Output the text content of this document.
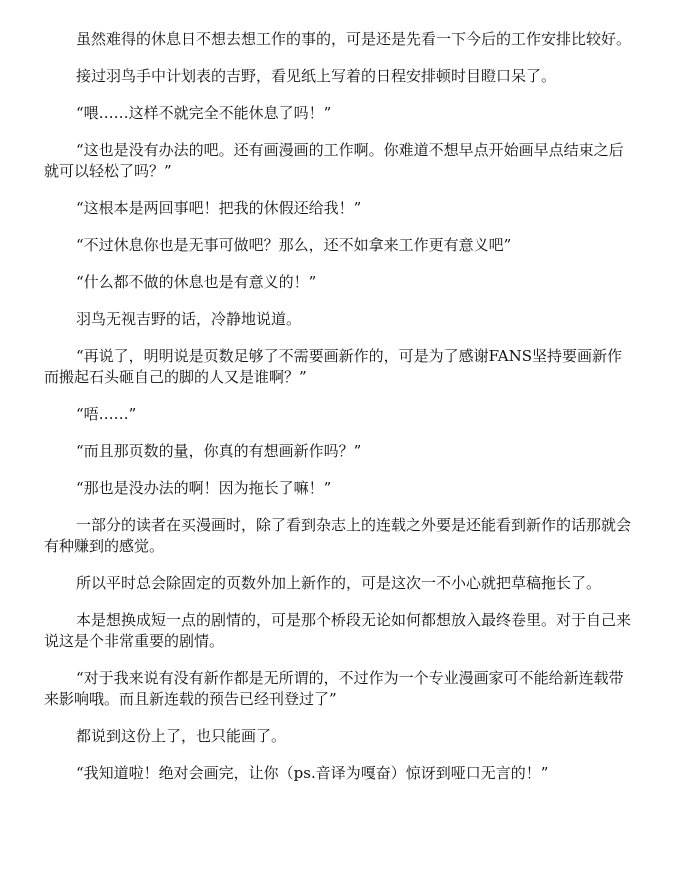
虽然难得的休息日不想去想工作的事的，可是还是先看一下今后的工作安排比较好。

接过羽鸟手中计划表的吉野，看见纸上写着的日程安排顿时目瞪口呆了。

“喂……这样不就完全不能休息了吗！”

“这也是没有办法的吧。还有画漫画的工作啊。你难道不想早点开始画早点结束之后就可以轻松了吗？”

“这根本是两回事吧！把我的休假还给我！”

“不过休息你也是无事可做吧？那么，还不如拿来工作更有意义吧”

“什么都不做的休息也是有意义的！”

羽鸟无视吉野的话，冷静地说道。

“再说了，明明说是页数足够了不需要画新作的，可是为了感谢FANS坚持要画新作而搬起石头砸自己的脚的人又是谁啊？”

“唔……”

“而且那页数的量，你真的有想画新作吗？”

“那也是没办法的啊！因为拖长了嘛！”

一部分的读者在买漫画时，除了看到杂志上的连载之外要是还能看到新作的话那就会有种赚到的感觉。

所以平时总会除固定的页数外加上新作的，可是这次一不小心就把草稿拖长了。

本是想换成短一点的剧情的，可是那个桥段无论如何都想放入最终卷里。对于自己来说这是个非常重要的剧情。

“对于我来说有没有新作都是无所谓的，不过作为一个专业漫画家可不能给新连载带来影响哦。而且新连载的预告已经刊登过了”

都说到这份上了，也只能画了。

“我知道啦！绝对会画完，让你（ps.音译为嘎奋）惊讶到哑口无言的！”
